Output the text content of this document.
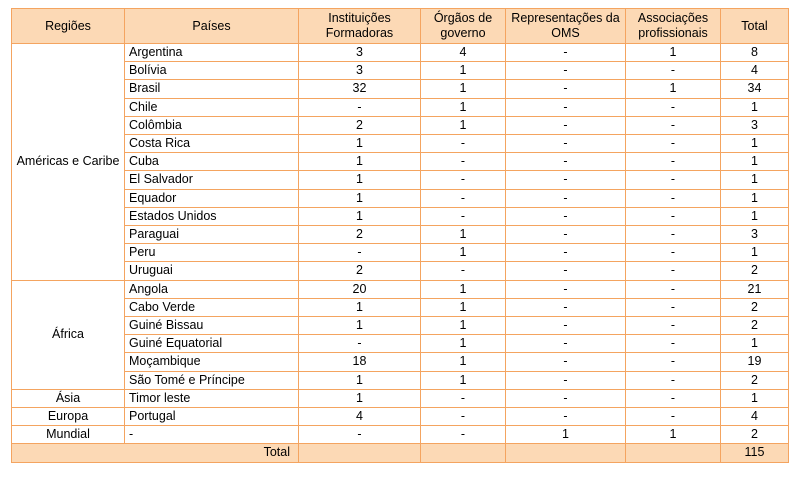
Regiões	Países	Instituições Formadoras	Órgãos de governo	Representações da OMS	Associações profissionais	Total
Américas e Caribe	Argentina	3	4	-	1	8
	Bolívia	3	1	-	-	4
	Brasil	32	1	-	1	34
	Chile	-	1	-	-	1
	Colômbia	2	1	-	-	3
	Costa Rica	1	-	-	-	1
	Cuba	1	-	-	-	1
	El Salvador	1	-	-	-	1
	Equador	1	-	-	-	1
	Estados Unidos	1	-	-	-	1
	Paraguai	2	1	-	-	3
	Peru	-	1	-	-	1
	Uruguai	2	-	-	-	2
África	Angola	20	1	-	-	21
	Cabo Verde	1	1	-	-	2
	Guiné Bissau	1	1	-	-	2
	Guiné Equatorial	-	1	-	-	1
	Moçambique	18	1	-	-	19
	São Tomé e Príncipe	1	1	-	-	2
Ásia	Timor leste	1	-	-	-	1
Europa	Portugal	4	-	-	-	4
Mundial	-	-	-	1	1	2
Total						115
